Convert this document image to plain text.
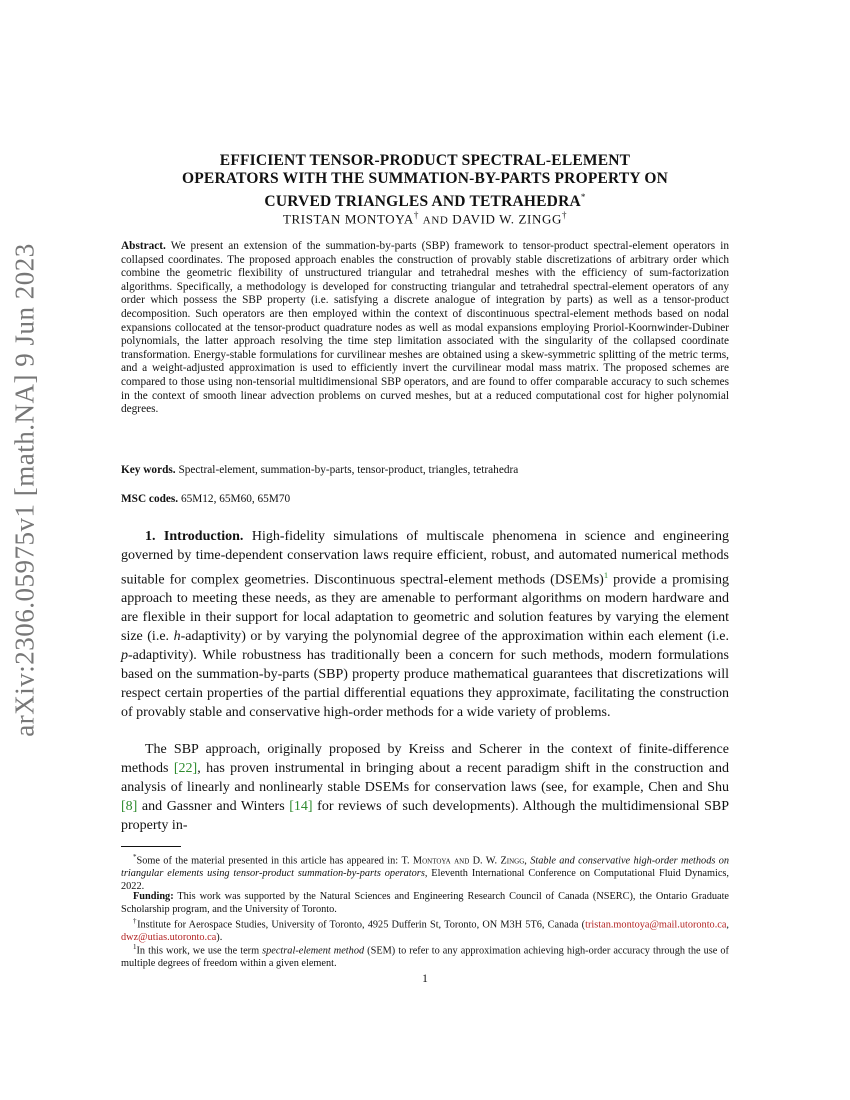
arXiv:2306.05975v1 [math.NA] 9 Jun 2023
EFFICIENT TENSOR-PRODUCT SPECTRAL-ELEMENT
OPERATORS WITH THE SUMMATION-BY-PARTS PROPERTY ON
CURVED TRIANGLES AND TETRAHEDRA*
TRISTAN MONTOYA† AND DAVID W. ZINGG†
Abstract. We present an extension of the summation-by-parts (SBP) framework to tensor-product spectral-element operators in collapsed coordinates. The proposed approach enables the construction of provably stable discretizations of arbitrary order which combine the geometric flexibility of unstructured triangular and tetrahedral meshes with the efficiency of sum-factorization algorithms. Specifically, a methodology is developed for constructing triangular and tetrahedral spectral-element operators of any order which possess the SBP property (i.e. satisfying a discrete analogue of integration by parts) as well as a tensor-product decomposition. Such operators are then employed within the context of discontinuous spectral-element methods based on nodal expansions collocated at the tensor-product quadrature nodes as well as modal expansions employing Proriol-Koornwinder-Dubiner polynomials, the latter approach resolving the time step limitation associated with the singularity of the collapsed coordinate transformation. Energy-stable formulations for curvilinear meshes are obtained using a skew-symmetric splitting of the metric terms, and a weight-adjusted approximation is used to efficiently invert the curvilinear modal mass matrix. The proposed schemes are compared to those using non-tensorial multidimensional SBP operators, and are found to offer comparable accuracy to such schemes in the context of smooth linear advection problems on curved meshes, but at a reduced computational cost for higher polynomial degrees.
Key words. Spectral-element, summation-by-parts, tensor-product, triangles, tetrahedra
MSC codes. 65M12, 65M60, 65M70
1. Introduction. High-fidelity simulations of multiscale phenomena in science and engineering governed by time-dependent conservation laws require efficient, robust, and automated numerical methods suitable for complex geometries. Discontinuous spectral-element methods (DSEMs)$^1$ provide a promising approach to meeting these needs, as they are amenable to performant algorithms on modern hardware and are flexible in their support for local adaptation to geometric and solution features by varying the element size (i.e. h-adaptivity) or by varying the polynomial degree of the approximation within each element (i.e. p-adaptivity). While robustness has traditionally been a concern for such methods, modern formulations based on the summation-by-parts (SBP) property produce mathematical guarantees that discretizations will respect certain properties of the partial differential equations they approximate, facilitating the construction of provably stable and conservative high-order methods for a wide variety of problems.
The SBP approach, originally proposed by Kreiss and Scherer in the context of finite-difference methods [22], has proven instrumental in bringing about a recent paradigm shift in the construction and analysis of linearly and nonlinearly stable DSEMs for conservation laws (see, for example, Chen and Shu [8] and Gassner and Winters [14] for reviews of such developments). Although the multidimensional SBP property in-
*Some of the material presented in this article has appeared in: T. Montoya and D. W. Zingg, Stable and conservative high-order methods on triangular elements using tensor-product summation-by-parts operators, Eleventh International Conference on Computational Fluid Dynamics, 2022.
Funding: This work was supported by the Natural Sciences and Engineering Research Council of Canada (NSERC), the Ontario Graduate Scholarship program, and the University of Toronto.
†Institute for Aerospace Studies, University of Toronto, 4925 Dufferin St, Toronto, ON M3H 5T6, Canada (tristan.montoya@mail.utoronto.ca, dwz@utias.utoronto.ca).
$^1$In this work, we use the term spectral-element method (SEM) to refer to any approximation achieving high-order accuracy through the use of multiple degrees of freedom within a given element.
1
